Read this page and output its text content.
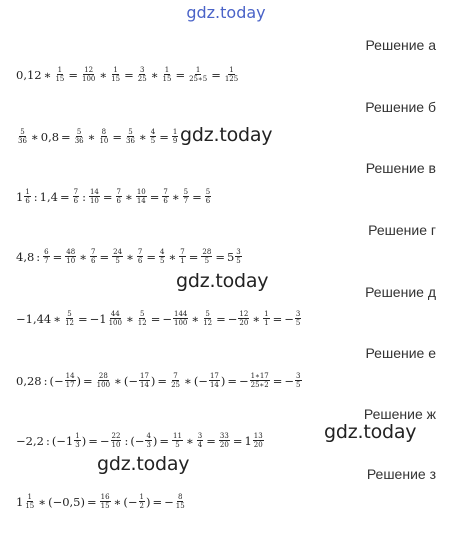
gdz.today
Решение а
0,12 ∗ $\frac{1}{15} = \frac{12}{100}$ ∗ $\frac{1}{15} = \frac{3}{25}$ ∗ $\frac{1}{15} = \frac{1}{25∗5} = \frac{1}{125}$
Решение б
$\frac{5}{36}$ ∗ $0,8 = \frac{5}{36}$ ∗ $\frac{8}{10} = \frac{5}{36}$ ∗ $\frac{4}{5} = \frac{1}{9}$
Решение в
$1 \frac{1}{6}$ : $1,4 = \frac{7}{6}$ : $\frac{14}{10} = \frac{7}{6}$ ∗ $\frac{10}{14} = \frac{7}{6}$ ∗ $\frac{5}{7} = \frac{5}{6}$
Решение г
4,8 : $\frac{6}{7} = \frac{48}{10}$ ∗ $\frac{7}{6} = \frac{24}{5}$ ∗ $\frac{7}{6} = \frac{4}{5}$ ∗ $\frac{7}{1} = \frac{28}{5} = 5 \frac{3}{5}$
Решение д
−1,44 ∗ $\frac{5}{12} = -1 \frac{44}{100}$ ∗ $\frac{5}{12}$ = − $\frac{144}{100}$ ∗ $\frac{5}{12}$ = − $\frac{12}{20}$ ∗ $\frac{1}{1}$ = − $\frac{3}{5}$
Решение е
0,28 : (− $\frac{14}{17}$ ) = $\frac{28}{100}$ ∗ (− $\frac{17}{14}$ ) = $\frac{7}{25}$ ∗ (− $\frac{17}{14}$ ) = − $\frac{1∗17}{25∗2}$ = − $\frac{3}{5}$
Решение ж
−2,2 : ($-1 \frac{1}{3}$ ) = − $\frac{22}{10}$ : (− $\frac{4}{3}$ ) = $\frac{11}{5}$ ∗ $\frac{3}{4} = \frac{33}{20} = 1 \frac{13}{20}$
Решение з
$1 \frac{1}{15}$ ∗ $(-0,5) = \frac{16}{15}$ ∗ (− $\frac{1}{2}$ ) = − $\frac{8}{15}$
gdz.today
gdz.today
gdz.today
gdz.today
